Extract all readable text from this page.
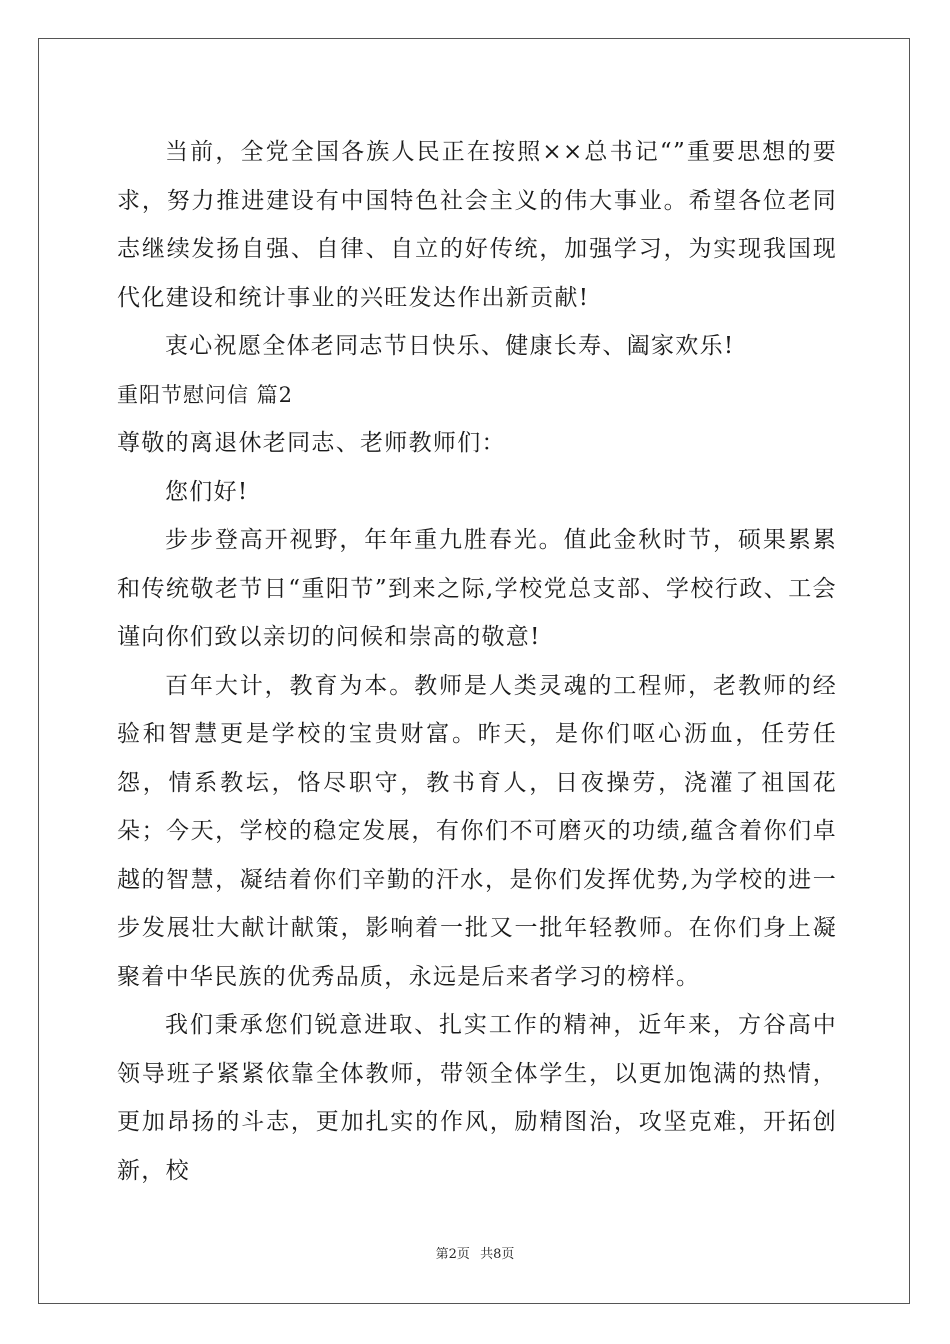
当前，全党全国各族人民正在按照××总书记“”重要思想的要求，努力推进建设有中国特色社会主义的伟大事业。希望各位老同志继续发扬自强、自律、自立的好传统，加强学习，为实现我国现代化建设和统计事业的兴旺发达作出新贡献!

衷心祝愿全体老同志节日快乐、健康长寿、阖家欢乐!

重阳节慰问信 篇2

尊敬的离退休老同志、老师教师们：

您们好!

步步登高开视野，年年重九胜春光。值此金秋时节，硕果累累和传统敬老节日“重阳节”到来之际,学校党总支部、学校行政、工会谨向你们致以亲切的问候和崇高的敬意!

百年大计，教育为本。教师是人类灵魂的工程师，老教师的经验和智慧更是学校的宝贵财富。昨天，是你们呕心沥血，任劳任怨，情系教坛，恪尽职守，教书育人，日夜操劳，浇灌了祖国花朵；今天，学校的稳定发展，有你们不可磨灭的功绩,蕴含着你们卓越的智慧，凝结着你们辛勤的汗水，是你们发挥优势,为学校的进一步发展壮大献计献策，影响着一批又一批年轻教师。在你们身上凝聚着中华民族的优秀品质，永远是后来者学习的榜样。

我们秉承您们锐意进取、扎实工作的精神，近年来，方谷高中领导班子紧紧依靠全体教师，带领全体学生，以更加饱满的热情，更加昂扬的斗志，更加扎实的作风，励精图治，攻坚克难，开拓创新，校

第2页 共8页
